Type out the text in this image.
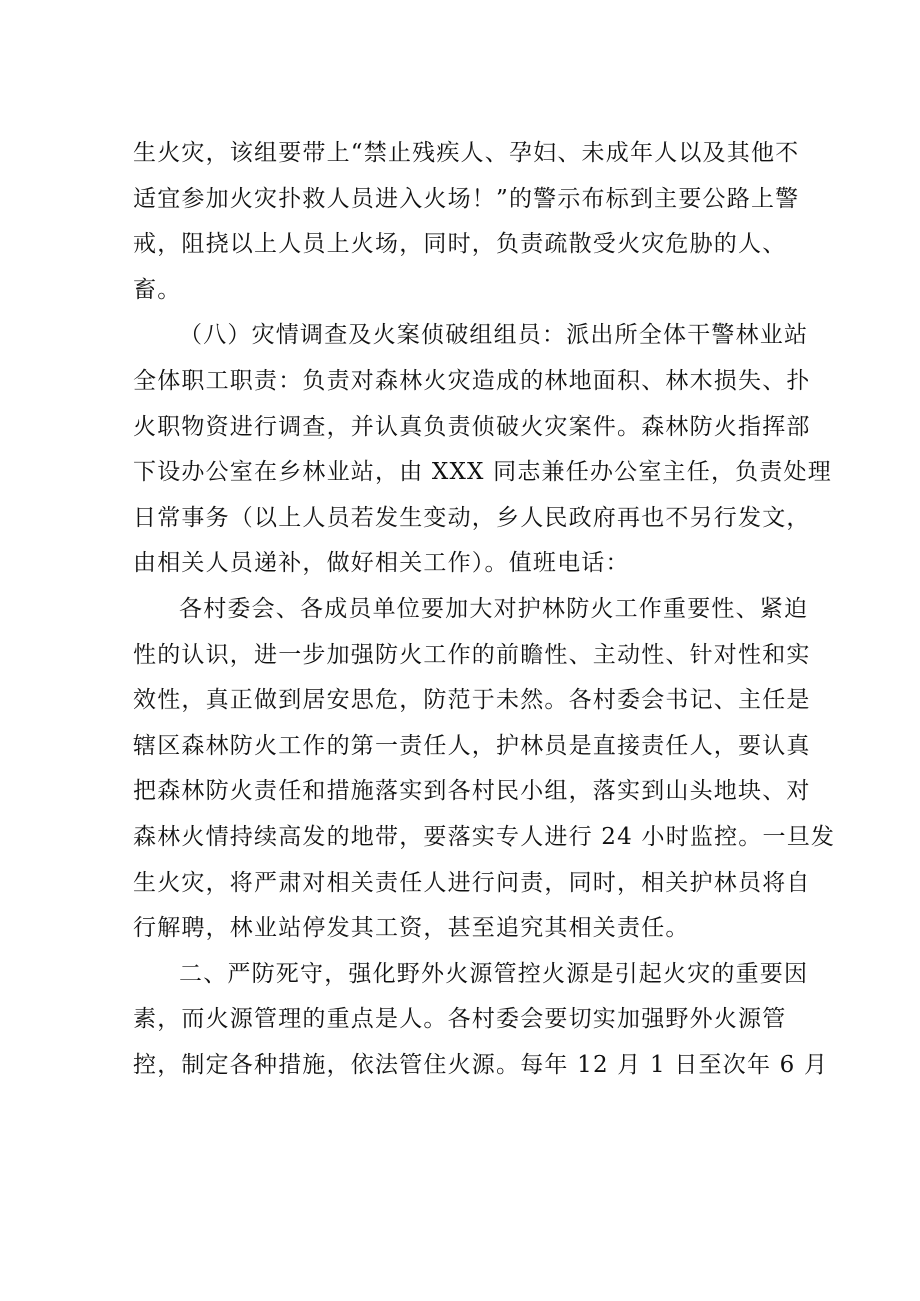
生火灾，该组要带上“禁止残疾人、孕妇、未成年人以及其他不
适宜参加火灾扑救人员进入火场！”的警示布标到主要公路上警
戒，阻挠以上人员上火场，同时，负责疏散受火灾危胁的人、
畜。
（八）灾情调查及火案侦破组组员：派出所全体干警林业站
全体职工职责：负责对森林火灾造成的林地面积、林木损失、扑
火职物资进行调查，并认真负责侦破火灾案件。森林防火指挥部
下设办公室在乡林业站，由 XXX 同志兼任办公室主任，负责处理
日常事务（以上人员若发生变动，乡人民政府再也不另行发文，
由相关人员递补，做好相关工作）。值班电话：
各村委会、各成员单位要加大对护林防火工作重要性、紧迫
性的认识，进一步加强防火工作的前瞻性、主动性、针对性和实
效性，真正做到居安思危，防范于未然。各村委会书记、主任是
辖区森林防火工作的第一责任人，护林员是直接责任人，要认真
把森林防火责任和措施落实到各村民小组，落实到山头地块、对
森林火情持续高发的地带，要落实专人进行 24 小时监控。一旦发
生火灾，将严肃对相关责任人进行问责，同时，相关护林员将自
行解聘，林业站停发其工资，甚至追究其相关责任。
二、严防死守，强化野外火源管控火源是引起火灾的重要因
素，而火源管理的重点是人。各村委会要切实加强野外火源管
控，制定各种措施，依法管住火源。每年 12 月 1 日至次年 6 月
